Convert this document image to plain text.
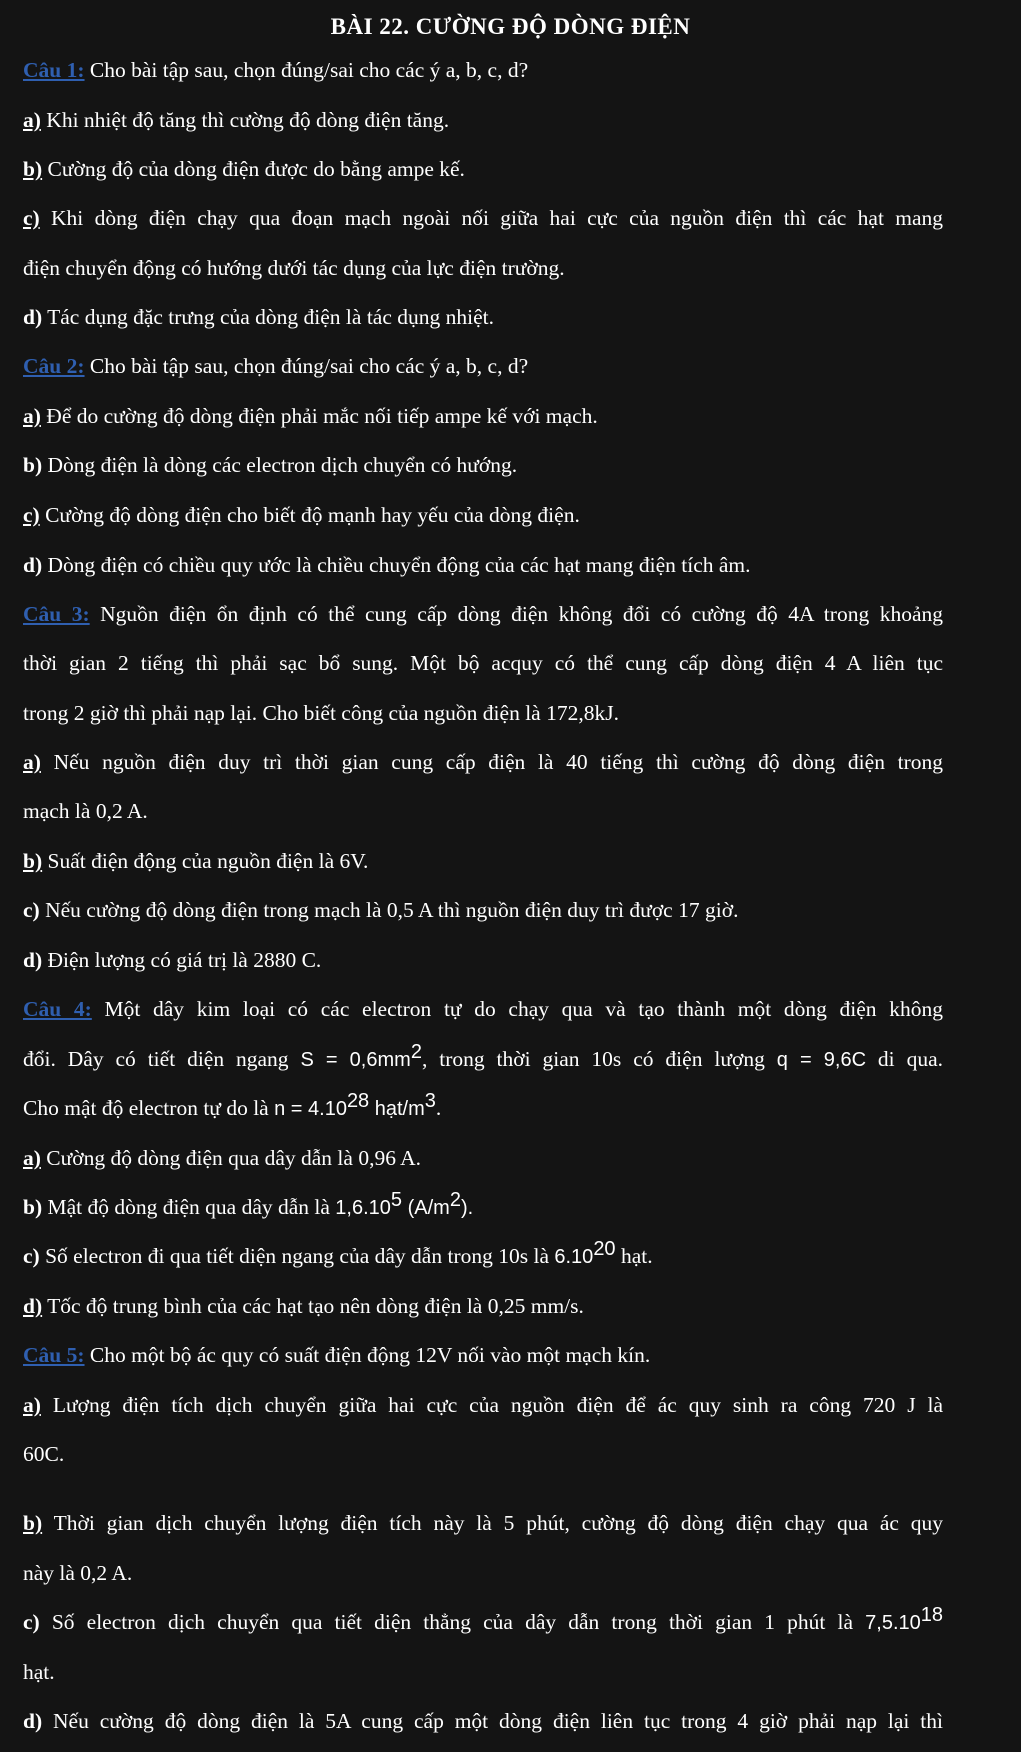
BÀI 22. CƯỜNG ĐỘ DÒNG ĐIỆN
Câu 1: Cho bài tập sau, chọn đúng/sai cho các ý a, b, c, d?
a) Khi nhiệt độ tăng thì cường độ dòng điện tăng.
b) Cường độ của dòng điện được do bằng ampe kế.
c) Khi dòng điện chạy qua đoạn mạch ngoài nối giữa hai cực của nguồn điện thì các hạt mang
điện chuyển động có hướng dưới tác dụng của lực điện trường.
d) Tác dụng đặc trưng của dòng điện là tác dụng nhiệt.
Câu 2: Cho bài tập sau, chọn đúng/sai cho các ý a, b, c, d?
a) Để do cường độ dòng điện phải mắc nối tiếp ampe kế với mạch.
b) Dòng điện là dòng các electron dịch chuyển có hướng.
c) Cường độ dòng điện cho biết độ mạnh hay yếu của dòng điện.
d) Dòng điện có chiều quy ước là chiều chuyển động của các hạt mang điện tích âm.
Câu 3: Nguồn điện ổn định có thể cung cấp dòng điện không đổi có cường độ 4A trong khoảng
thời gian 2 tiếng thì phải sạc bổ sung. Một bộ acquy có thể cung cấp dòng điện 4 A liên tục
trong 2 giờ thì phải nạp lại. Cho biết công của nguồn điện là 172,8kJ.
a) Nếu nguồn điện duy trì thời gian cung cấp điện là 40 tiếng thì cường độ dòng điện trong
mạch là 0,2 A.
b) Suất điện động của nguồn điện là 6V.
c) Nếu cường độ dòng điện trong mạch là 0,5 A thì nguồn điện duy trì được 17 giờ.
d) Điện lượng có giá trị là 2880 C.
Câu 4: Một dây kim loại có các electron tự do chạy qua và tạo thành một dòng điện không
đổi. Dây có tiết diện ngang $S = 0,6mm^2$, trong thời gian 10s có điện lượng q = 9,6C di qua.
Cho mật độ electron tự do là $n = 4.10^{28}$ hạt/$m^3$.
a) Cường độ dòng điện qua dây dẫn là 0,96 A.
b) Mật độ dòng điện qua dây dẫn là 1,6.10$^5$ $(A/m^2)$.
c) Số electron đi qua tiết diện ngang của dây dẫn trong 10s là 6.10$^{20}$ hạt.
d) Tốc độ trung bình của các hạt tạo nên dòng điện là 0,25 mm/s.
Câu 5: Cho một bộ ác quy có suất điện động 12V nối vào một mạch kín.
a) Lượng điện tích dịch chuyển giữa hai cực của nguồn điện để ác quy sinh ra công 720 J là
60C.
b) Thời gian dịch chuyển lượng điện tích này là 5 phút, cường độ dòng điện chạy qua ác quy
này là 0,2 A.
c) Số electron dịch chuyển qua tiết diện thẳng của dây dẫn trong thời gian 1 phút là 7,5.10$^{18}$
hạt.
d) Nếu cường độ dòng điện là 5A cung cấp một dòng điện liên tục trong 4 giờ phải nạp lại thì
